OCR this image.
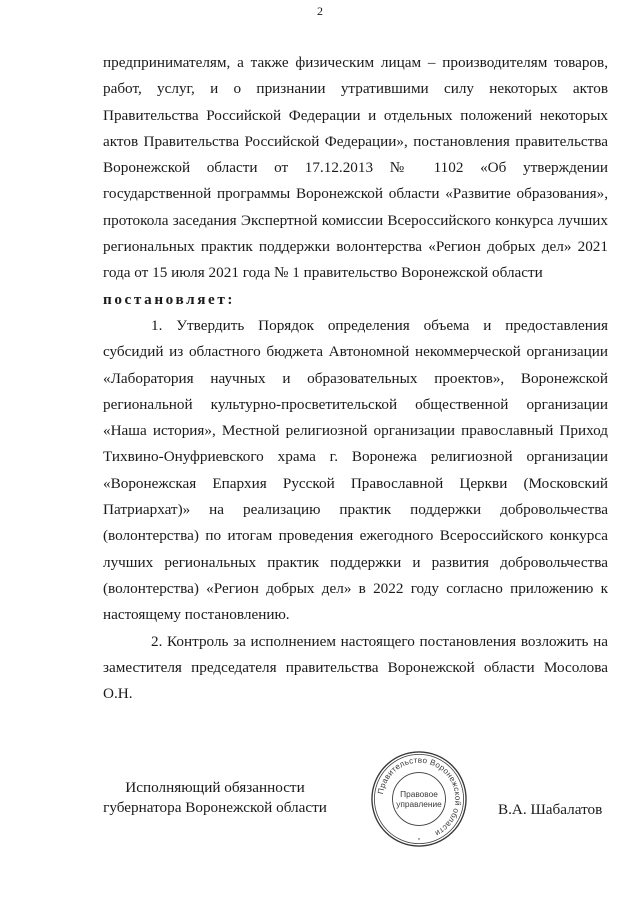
2

предпринимателям, а также физическим лицам – производителям товаров, работ, услуг, и о признании утратившими силу некоторых актов Правительства Российской Федерации и отдельных положений некоторых актов Правительства Российской Федерации», постановления правительства Воронежской области от 17.12.2013 № 1102 «Об утверждении государственной программы Воронежской области «Развитие образования», протокола заседания Экспертной комиссии Всероссийского конкурса лучших региональных практик поддержки волонтерства «Регион добрых дел» 2021 года от 15 июля 2021 года № 1 правительство Воронежской области
постановляет:

1. Утвердить Порядок определения объема и предоставления субсидий из областного бюджета Автономной некоммерческой организации «Лаборатория научных и образовательных проектов», Воронежской региональной культурно-просветительской общественной организации «Наша история», Местной религиозной организации православный Приход Тихвино-Онуфриевского храма г. Воронежа религиозной организации «Воронежская Епархия Русской Православной Церкви (Московский Патриархат)» на реализацию практик поддержки добровольчества (волонтерства) по итогам проведения ежегодного Всероссийского конкурса лучших региональных практик поддержки и развития добровольчества (волонтерства) «Регион добрых дел» в 2022 году согласно приложению к настоящему постановлению.

2. Контроль за исполнением настоящего постановления возложить на заместителя председателя правительства Воронежской области Мосолова О.Н.

Исполняющий обязанности
губернатора Воронежской области
Правительство Воронежской области
Правовое
управление
*
В.А. Шабалатов
